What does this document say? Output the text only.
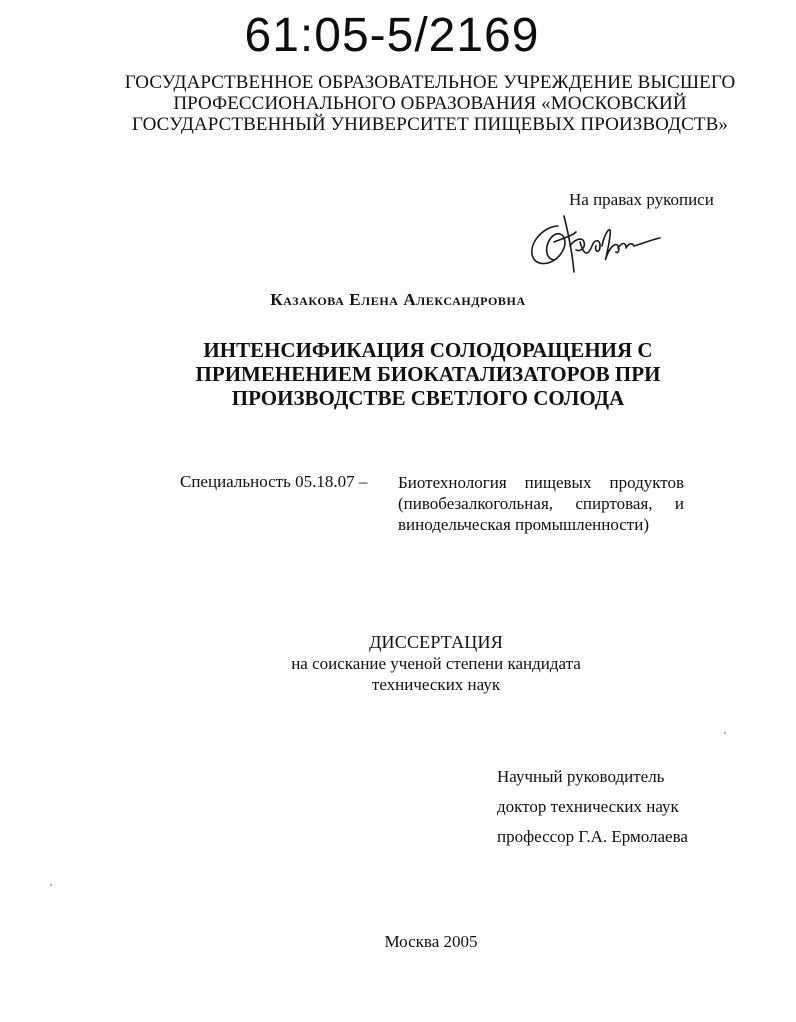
61:05-5/2169
ГОСУДАРСТВЕННОЕ ОБРАЗОВАТЕЛЬНОЕ УЧРЕЖДЕНИЕ ВЫСШЕГО
ПРОФЕССИОНАЛЬНОГО ОБРАЗОВАНИЯ «МОСКОВСКИЙ
ГОСУДАРСТВЕННЫЙ УНИВЕРСИТЕТ ПИЩЕВЫХ ПРОИЗВОДСТВ»
На правах рукописи
Казакова Елена Александровна
ИНТЕНСИФИКАЦИЯ СОЛОДОРАЩЕНИЯ С
ПРИМЕНЕНИЕМ БИОКАТАЛИЗАТОРОВ ПРИ
ПРОИЗВОДСТВЕ СВЕТЛОГО СОЛОДА
Специальность 05.18.07 – Биотехнология пищевых продуктов
(пивобезалкогольная, спиртовая, и
винодельческая промышленности)
ДИССЕРТАЦИЯ
на соискание ученой степени кандидата
технических наук
Научный руководитель
доктор технических наук
профессор Г.А. Ермолаева
Москва 2005
